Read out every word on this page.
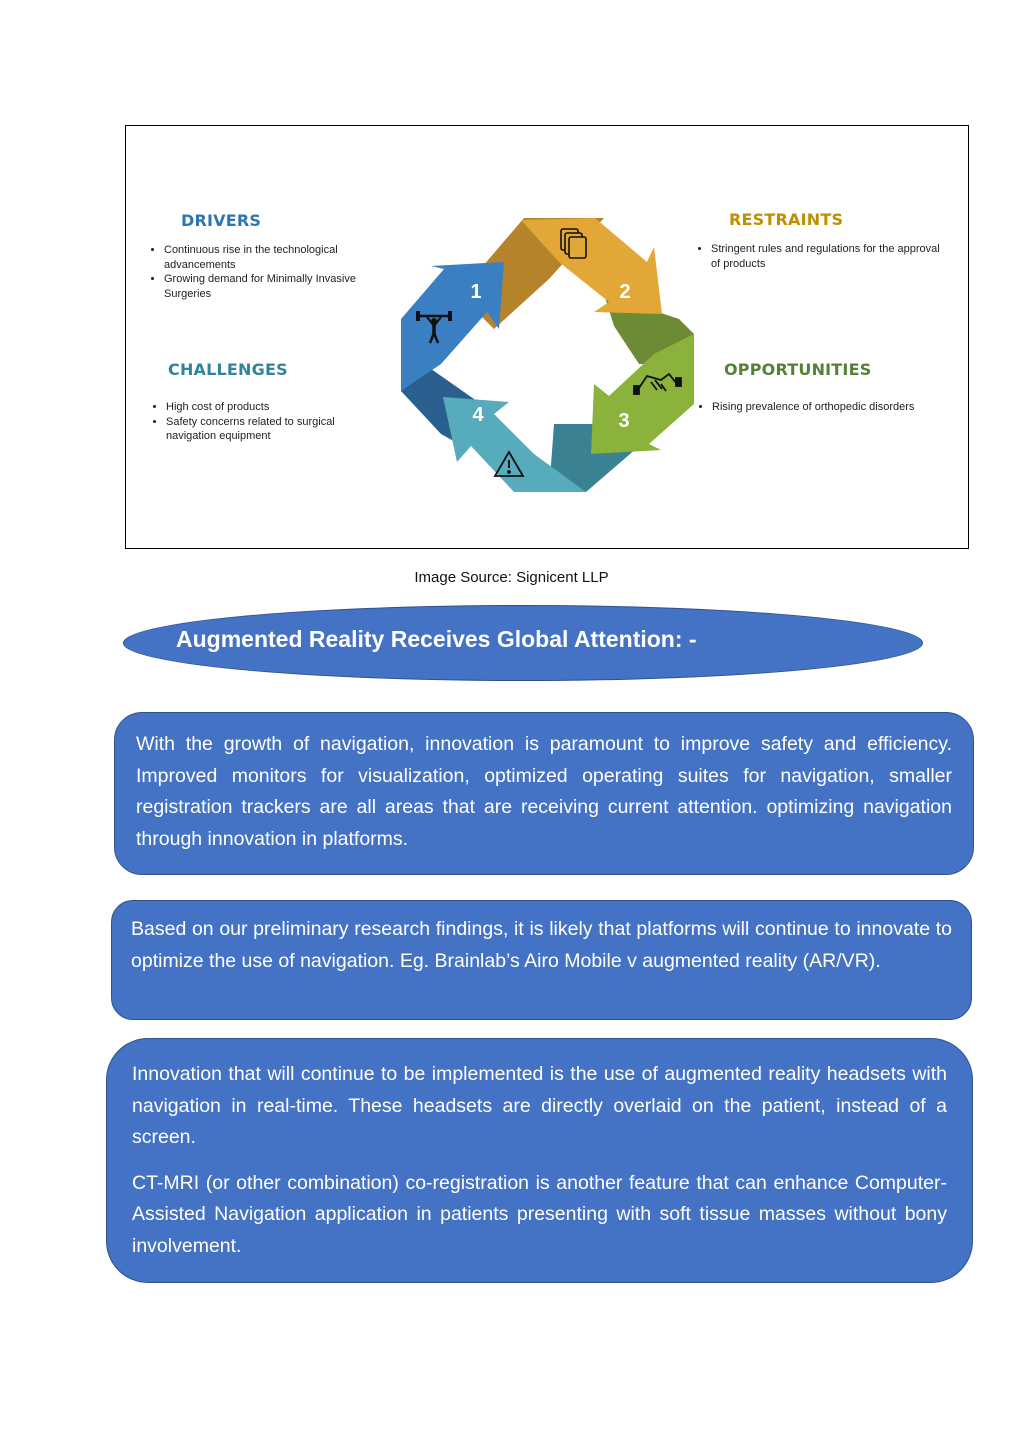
DRIVERS
• Continuous rise in the technological advancements
• Growing demand for Minimally Invasive Surgeries
RESTRAINTS
• Stringent rules and regulations for the approval of products
CHALLENGES
• High cost of products
• Safety concerns related to surgical navigation equipment
OPPORTUNITIES
• Rising prevalence of orthopedic disorders
1	2
3
4
Image Source: Signicent LLP
Augmented Reality Receives Global Attention: -

With the growth of navigation, innovation is paramount to improve safety and efficiency. Improved monitors for visualization, optimized operating suites for navigation, smaller registration trackers are all areas that are receiving current attention. optimizing navigation through innovation in platforms.

Based on our preliminary research findings, it is likely that platforms will continue to innovate to optimize the use of navigation. Eg. Brainlab’s Airo Mobile v augmented reality (AR/VR).

Innovation that will continue to be implemented is the use of augmented reality headsets with navigation in real-time. These headsets are directly overlaid on the patient, instead of a screen.

CT-MRI (or other combination) co-registration is another feature that can enhance Computer-Assisted Navigation application in patients presenting with soft tissue masses without bony involvement.
